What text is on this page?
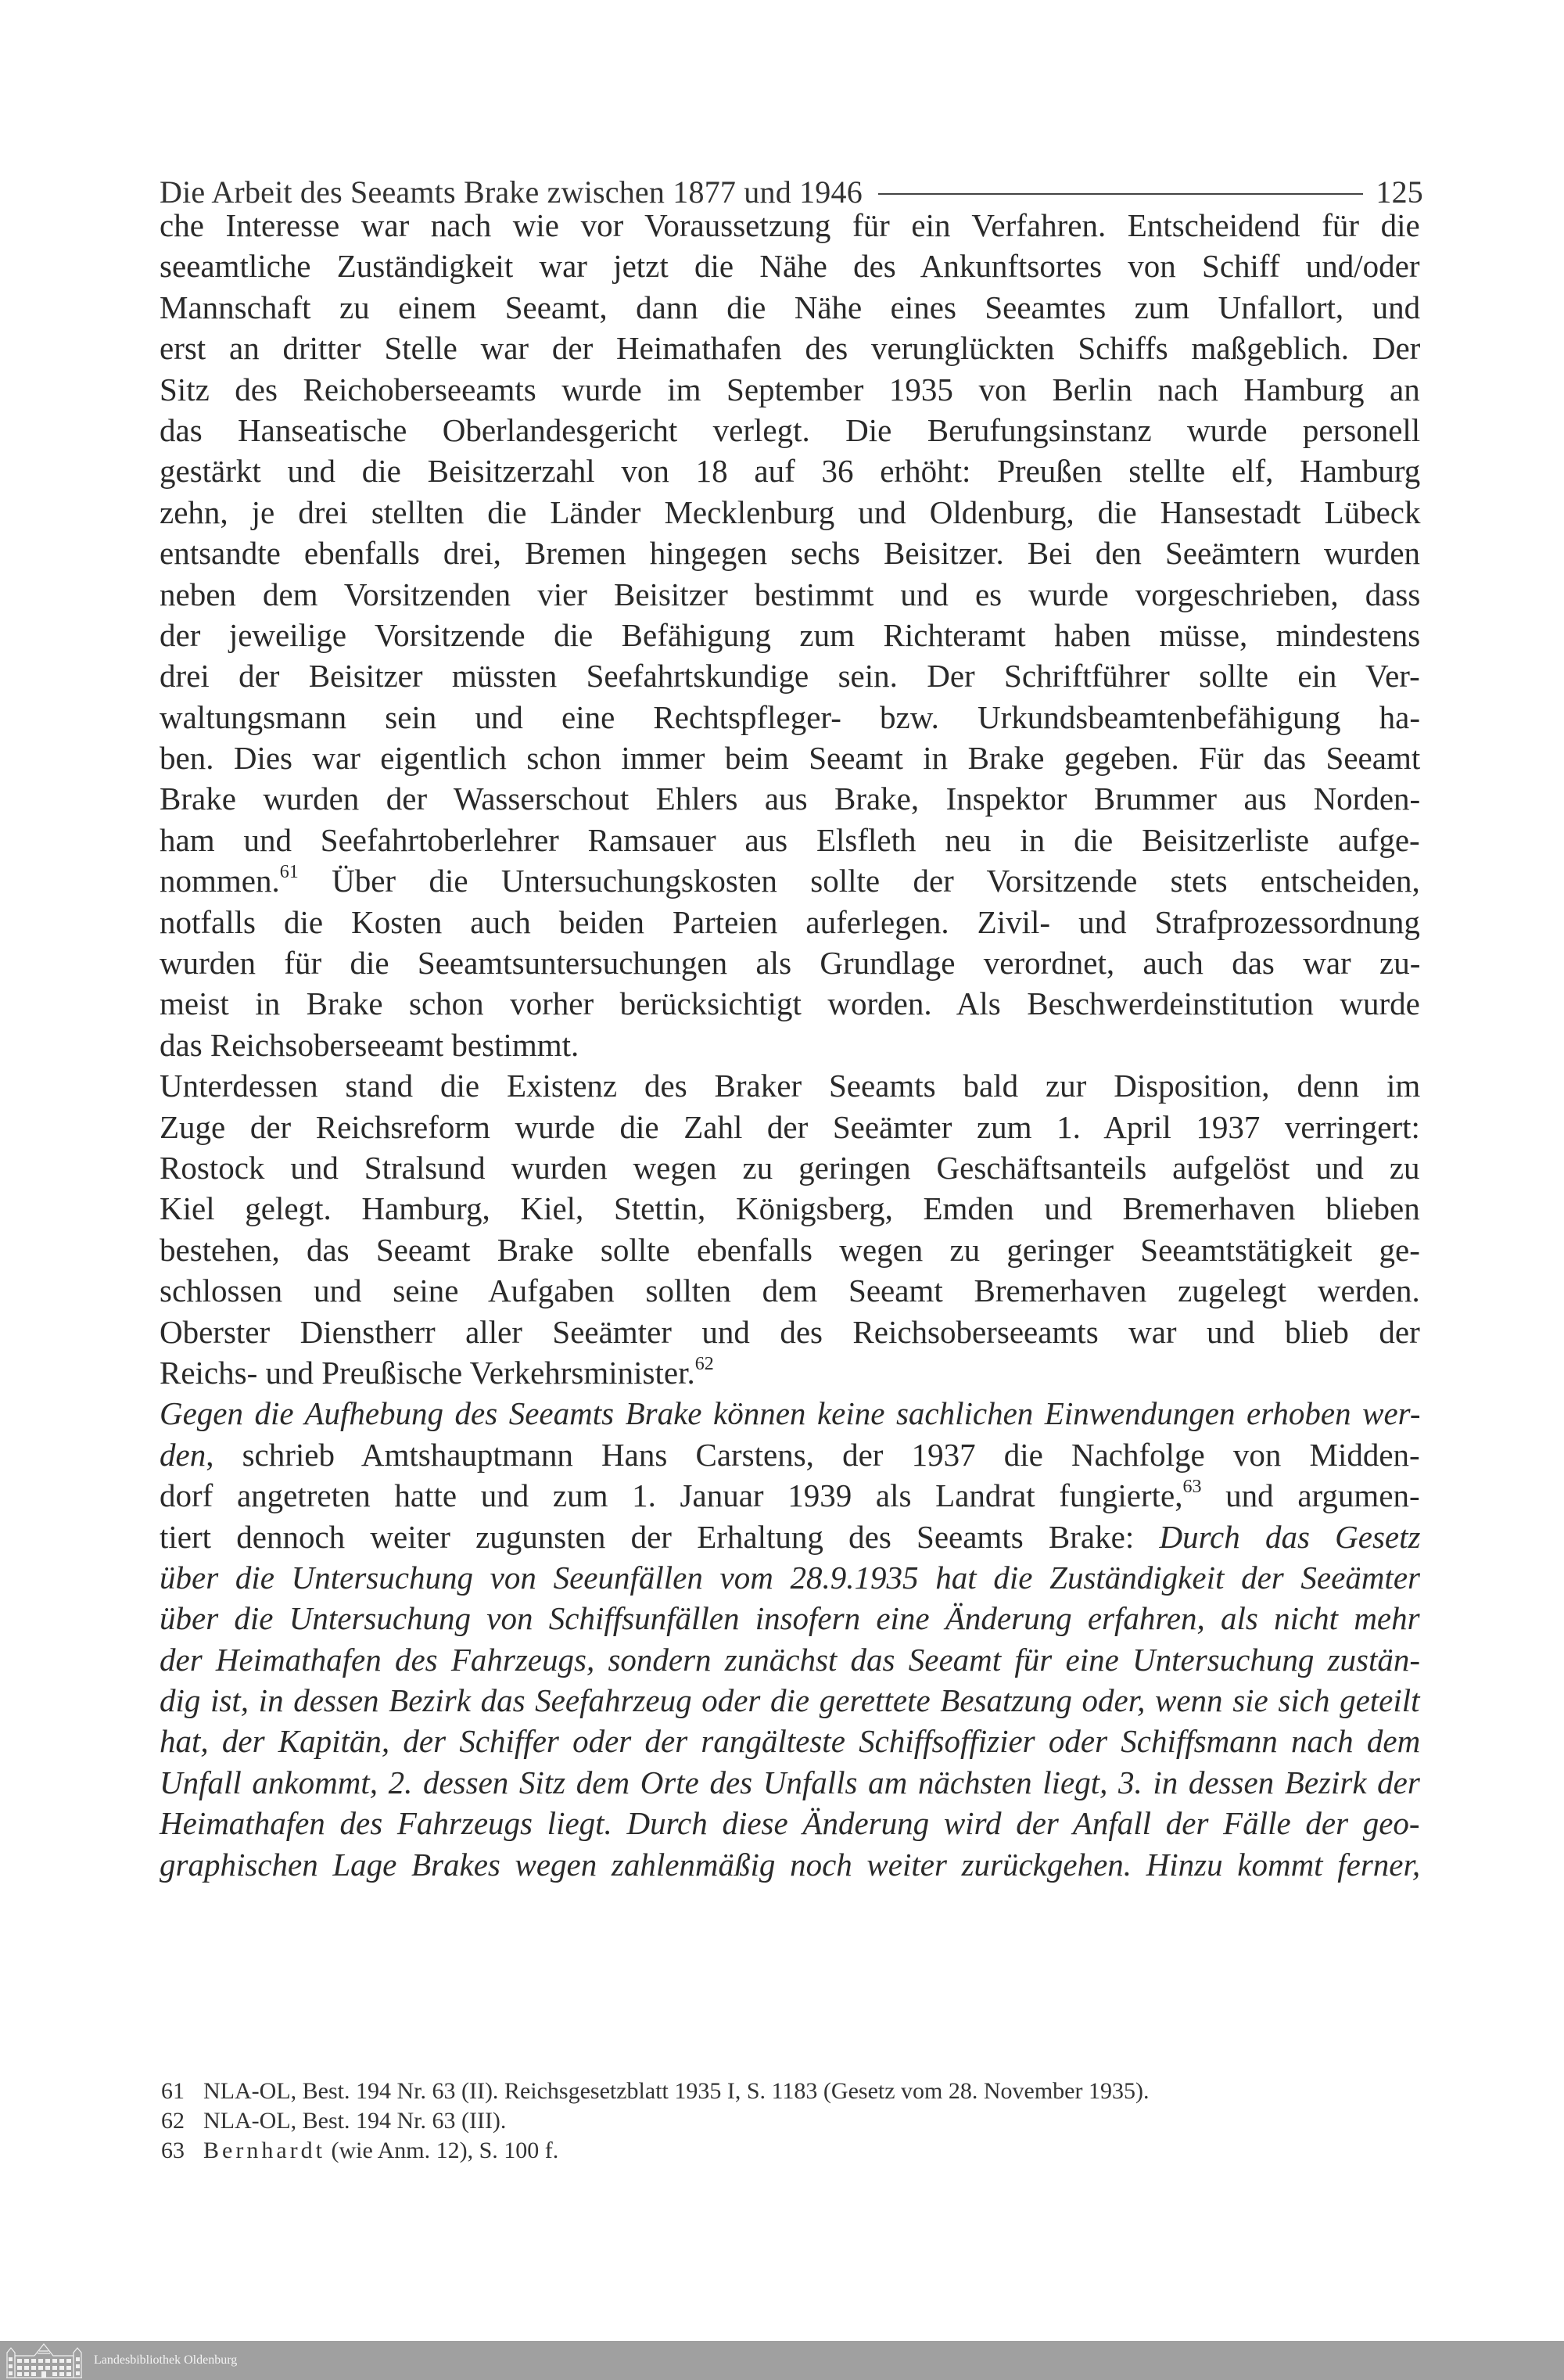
Die Arbeit des Seeamts Brake zwischen 1877 und 1946	125
che Interesse war nach wie vor Voraussetzung für ein Verfahren. Entscheidend für die
seeamtliche Zuständigkeit war jetzt die Nähe des Ankunftsortes von Schiff und/oder
Mannschaft zu einem Seeamt, dann die Nähe eines Seeamtes zum Unfallort, und
erst an dritter Stelle war der Heimathafen des verunglückten Schiffs maßgeblich. Der
Sitz des Reichoberseeamts wurde im September 1935 von Berlin nach Hamburg an
das Hanseatische Oberlandesgericht verlegt. Die Berufungsinstanz wurde personell
gestärkt und die Beisitzerzahl von 18 auf 36 erhöht: Preußen stellte elf, Hamburg
zehn, je drei stellten die Länder Mecklenburg und Oldenburg, die Hansestadt Lübeck
entsandte ebenfalls drei, Bremen hingegen sechs Beisitzer. Bei den Seeämtern wurden
neben dem Vorsitzenden vier Beisitzer bestimmt und es wurde vorgeschrieben, dass
der jeweilige Vorsitzende die Befähigung zum Richteramt haben müsse, mindestens
drei der Beisitzer müssten Seefahrtskundige sein. Der Schriftführer sollte ein Ver-
waltungsmann sein und eine Rechtspfleger- bzw. Urkundsbeamtenbefähigung ha-
ben. Dies war eigentlich schon immer beim Seeamt in Brake gegeben. Für das Seeamt
Brake wurden der Wasserschout Ehlers aus Brake, Inspektor Brummer aus Norden-
ham und Seefahrtoberlehrer Ramsauer aus Elsfleth neu in die Beisitzerliste aufge-
nommen.$^{61}$ Über die Untersuchungskosten sollte der Vorsitzende stets entscheiden,
notfalls die Kosten auch beiden Parteien auferlegen. Zivil- und Strafprozessordnung
wurden für die Seeamtsuntersuchungen als Grundlage verordnet, auch das war zu-
meist in Brake schon vorher berücksichtigt worden. Als Beschwerdeinstitution wurde
das Reichsoberseeamt bestimmt.
Unterdessen stand die Existenz des Braker Seeamts bald zur Disposition, denn im
Zuge der Reichsreform wurde die Zahl der Seeämter zum 1. April 1937 verringert:
Rostock und Stralsund wurden wegen zu geringen Geschäftsanteils aufgelöst und zu
Kiel gelegt. Hamburg, Kiel, Stettin, Königsberg, Emden und Bremerhaven blieben
bestehen, das Seeamt Brake sollte ebenfalls wegen zu geringer Seeamtstätigkeit ge-
schlossen und seine Aufgaben sollten dem Seeamt Bremerhaven zugelegt werden.
Oberster Dienstherr aller Seeämter und des Reichsoberseeamts war und blieb der
Reichs- und Preußische Verkehrsminister.$^{62}$
Gegen die Aufhebung des Seeamts Brake können keine sachlichen Einwendungen erhoben wer-
den, schrieb Amtshauptmann Hans Carstens, der 1937 die Nachfolge von Midden-
dorf angetreten hatte und zum 1. Januar 1939 als Landrat fungierte,$^{63}$ und argumen-
tiert dennoch weiter zugunsten der Erhaltung des Seeamts Brake: Durch das Gesetz
über die Untersuchung von Seeunfällen vom 28.9.1935 hat die Zuständigkeit der Seeämter
über die Untersuchung von Schiffsunfällen insofern eine Änderung erfahren, als nicht mehr
der Heimathafen des Fahrzeugs, sondern zunächst das Seeamt für eine Untersuchung zustän-
dig ist, in dessen Bezirk das Seefahrzeug oder die gerettete Besatzung oder, wenn sie sich geteilt
hat, der Kapitän, der Schiffer oder der rangälteste Schiffsoffizier oder Schiffsmann nach dem
Unfall ankommt, 2. dessen Sitz dem Orte des Unfalls am nächsten liegt, 3. in dessen Bezirk der
Heimathafen des Fahrzeugs liegt. Durch diese Änderung wird der Anfall der Fälle der geo-
graphischen Lage Brakes wegen zahlenmäßig noch weiter zurückgehen. Hinzu kommt ferner,
61 NLA-OL, Best. 194 Nr. 63 (II). Reichsgesetzblatt 1935 I, S. 1183 (Gesetz vom 28. November 1935).
62 NLA-OL, Best. 194 Nr. 63 (III).
63 Bernhardt (wie Anm. 12), S. 100 f.
Landesbibliothek Oldenburg
